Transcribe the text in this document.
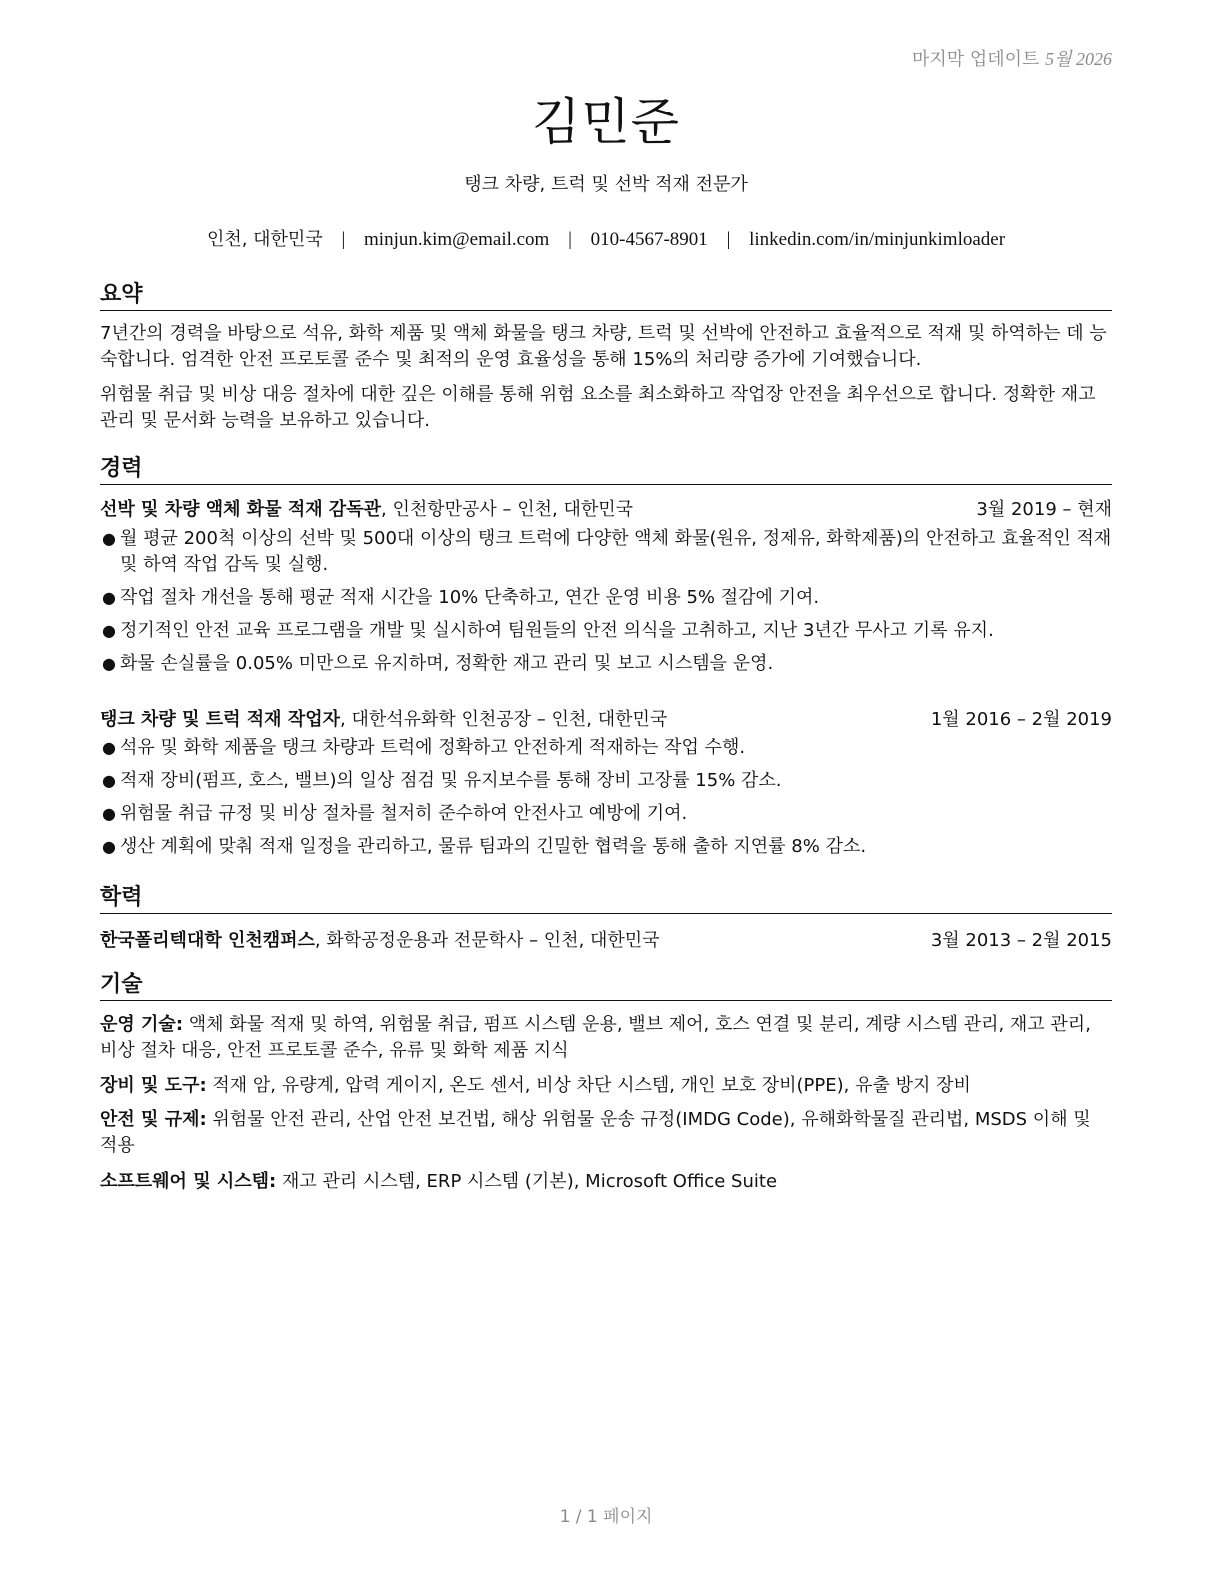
마지막 업데이트 5월 2026
김민준
탱크 차량, 트럭 및 선박 적재 전문가
인천, 대한민국 | minjun.kim@email.com | 010-4567-8901 | linkedin.com/in/minjunkimloader
요약
7년간의 경력을 바탕으로 석유, 화학 제품 및 액체 화물을 탱크 차량, 트럭 및 선박에 안전하고 효율적으로 적재 및 하역하는 데 능숙합니다. 엄격한 안전 프로토콜 준수 및 최적의 운영 효율성을 통해 15%의 처리량 증가에 기여했습니다.
위험물 취급 및 비상 대응 절차에 대한 깊은 이해를 통해 위험 요소를 최소화하고 작업장 안전을 최우선으로 합니다. 정확한 재고 관리 및 문서화 능력을 보유하고 있습니다.
경력
선박 및 차량 액체 화물 적재 감독관, 인천항만공사 – 인천, 대한민국	3월 2019 – 현재
● 월 평균 200척 이상의 선박 및 500대 이상의 탱크 트럭에 다양한 액체 화물(원유, 정제유, 화학제품)의 안전하고 효율적인 적재 및 하역 작업 감독 및 실행.
● 작업 절차 개선을 통해 평균 적재 시간을 10% 단축하고, 연간 운영 비용 5% 절감에 기여.
● 정기적인 안전 교육 프로그램을 개발 및 실시하여 팀원들의 안전 의식을 고취하고, 지난 3년간 무사고 기록 유지.
● 화물 손실률을 0.05% 미만으로 유지하며, 정확한 재고 관리 및 보고 시스템을 운영.
탱크 차량 및 트럭 적재 작업자, 대한석유화학 인천공장 – 인천, 대한민국	1월 2016 – 2월 2019
● 석유 및 화학 제품을 탱크 차량과 트럭에 정확하고 안전하게 적재하는 작업 수행.
● 적재 장비(펌프, 호스, 밸브)의 일상 점검 및 유지보수를 통해 장비 고장률 15% 감소.
● 위험물 취급 규정 및 비상 절차를 철저히 준수하여 안전사고 예방에 기여.
● 생산 계획에 맞춰 적재 일정을 관리하고, 물류 팀과의 긴밀한 협력을 통해 출하 지연률 8% 감소.
학력
한국폴리텍대학 인천캠퍼스, 화학공정운용과 전문학사 – 인천, 대한민국	3월 2013 – 2월 2015
기술
운영 기술: 액체 화물 적재 및 하역, 위험물 취급, 펌프 시스템 운용, 밸브 제어, 호스 연결 및 분리, 계량 시스템 관리, 재고 관리, 비상 절차 대응, 안전 프로토콜 준수, 유류 및 화학 제품 지식
장비 및 도구: 적재 암, 유량계, 압력 게이지, 온도 센서, 비상 차단 시스템, 개인 보호 장비(PPE), 유출 방지 장비
안전 및 규제: 위험물 안전 관리, 산업 안전 보건법, 해상 위험물 운송 규정(IMDG Code), 유해화학물질 관리법, MSDS 이해 및 적용
소프트웨어 및 시스템: 재고 관리 시스템, ERP 시스템 (기본), Microsoft Office Suite
1 / 1 페이지
